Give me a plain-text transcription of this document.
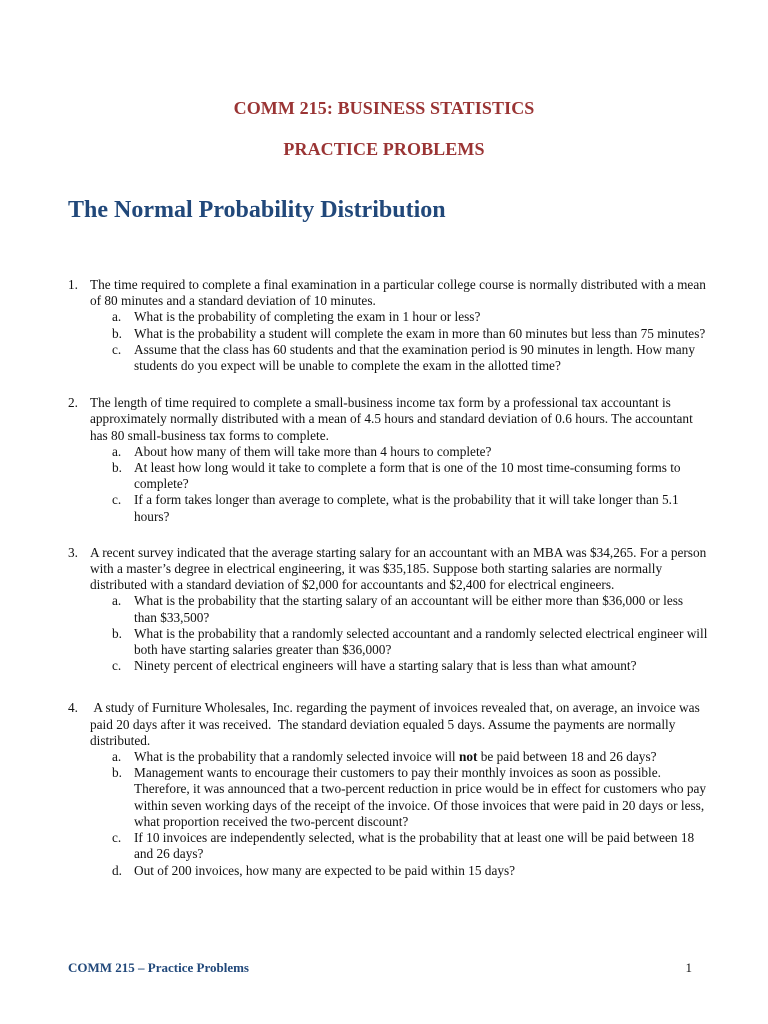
COMM 215: BUSINESS STATISTICS
PRACTICE PROBLEMS
The Normal Probability Distribution
1. The time required to complete a final examination in a particular college course is normally distributed with a mean of 80 minutes and a standard deviation of 10 minutes.
a. What is the probability of completing the exam in 1 hour or less?
b. What is the probability a student will complete the exam in more than 60 minutes but less than 75 minutes?
c. Assume that the class has 60 students and that the examination period is 90 minutes in length. How many students do you expect will be unable to complete the exam in the allotted time?
2. The length of time required to complete a small-business income tax form by a professional tax accountant is approximately normally distributed with a mean of 4.5 hours and standard deviation of 0.6 hours. The accountant has 80 small-business tax forms to complete.
a. About how many of them will take more than 4 hours to complete?
b. At least how long would it take to complete a form that is one of the 10 most time-consuming forms to complete?
c. If a form takes longer than average to complete, what is the probability that it will take longer than 5.1 hours?
3. A recent survey indicated that the average starting salary for an accountant with an MBA was $34,265. For a person with a master’s degree in electrical engineering, it was $35,185. Suppose both starting salaries are normally distributed with a standard deviation of $2,000 for accountants and $2,400 for electrical engineers.
a. What is the probability that the starting salary of an accountant will be either more than $36,000 or less than $33,500?
b. What is the probability that a randomly selected accountant and a randomly selected electrical engineer will both have starting salaries greater than $36,000?
c. Ninety percent of electrical engineers will have a starting salary that is less than what amount?
4. A study of Furniture Wholesales, Inc. regarding the payment of invoices revealed that, on average, an invoice was paid 20 days after it was received.  The standard deviation equaled 5 days. Assume the payments are normally distributed.
a. What is the probability that a randomly selected invoice will not be paid between 18 and 26 days?
b. Management wants to encourage their customers to pay their monthly invoices as soon as possible. Therefore, it was announced that a two-percent reduction in price would be in effect for customers who pay within seven working days of the receipt of the invoice. Of those invoices that were paid in 20 days or less, what proportion received the two-percent discount?
c. If 10 invoices are independently selected, what is the probability that at least one will be paid between 18 and 26 days?
d. Out of 200 invoices, how many are expected to be paid within 15 days?
COMM 215 – Practice Problems	1
